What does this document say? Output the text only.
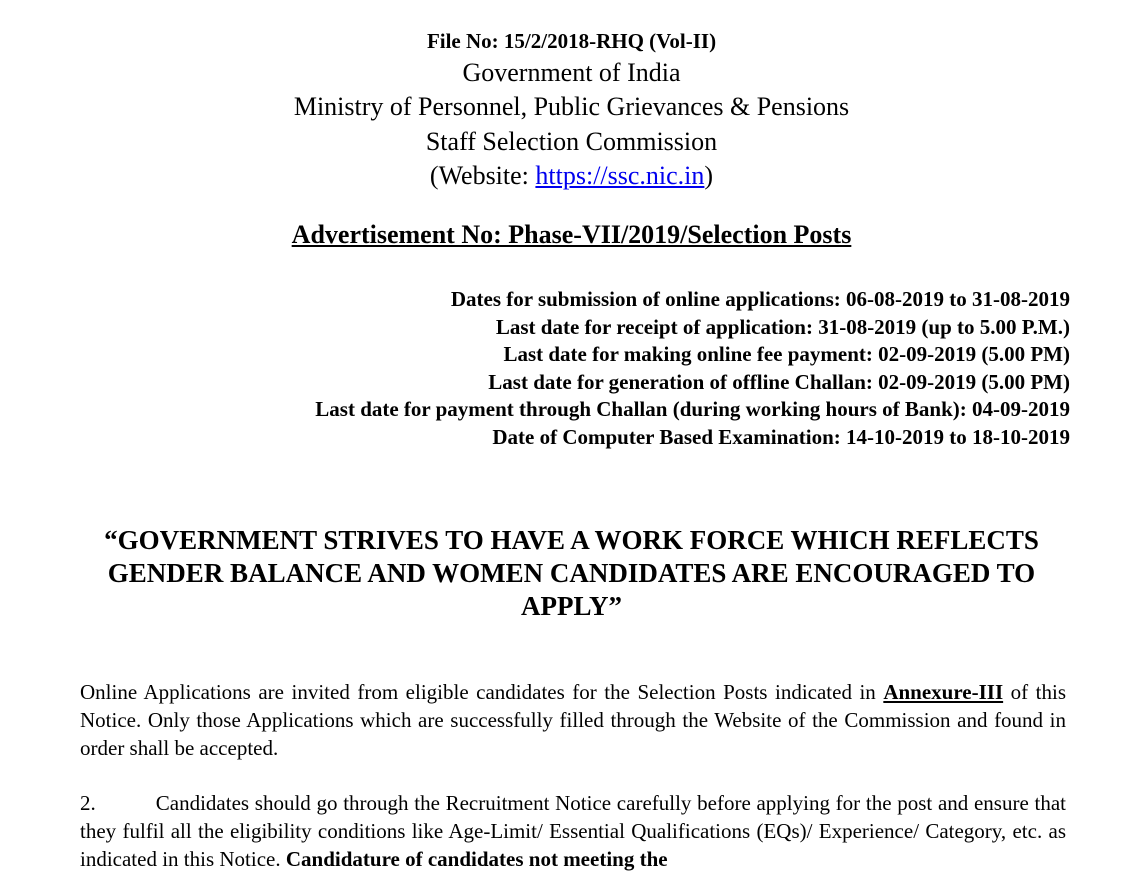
File No: 15/2/2018-RHQ (Vol-II)
Government of India
Ministry of Personnel, Public Grievances & Pensions
Staff Selection Commission
(Website: https://ssc.nic.in)
Advertisement No: Phase-VII/2019/Selection Posts
Dates for submission of online applications: 06-08-2019 to 31-08-2019
Last date for receipt of application: 31-08-2019 (up to 5.00 P.M.)
Last date for making online fee payment: 02-09-2019 (5.00 PM)
Last date for generation of offline Challan: 02-09-2019 (5.00 PM)
Last date for payment through Challan (during working hours of Bank): 04-09-2019
Date of Computer Based Examination: 14-10-2019 to 18-10-2019
“GOVERNMENT STRIVES TO HAVE A WORK FORCE WHICH REFLECTS
GENDER BALANCE AND WOMEN CANDIDATES ARE ENCOURAGED TO
APPLY”
Online Applications are invited from eligible candidates for the Selection Posts indicated in Annexure-III of this Notice. Only those Applications which are successfully filled through the Website of the Commission and found in order shall be accepted.
2.	Candidates should go through the Recruitment Notice carefully before applying for the post and ensure that they fulfil all the eligibility conditions like Age-Limit/ Essential Qualifications (EQs)/ Experience/ Category, etc. as indicated in this Notice. Candidature of candidates not meeting the
